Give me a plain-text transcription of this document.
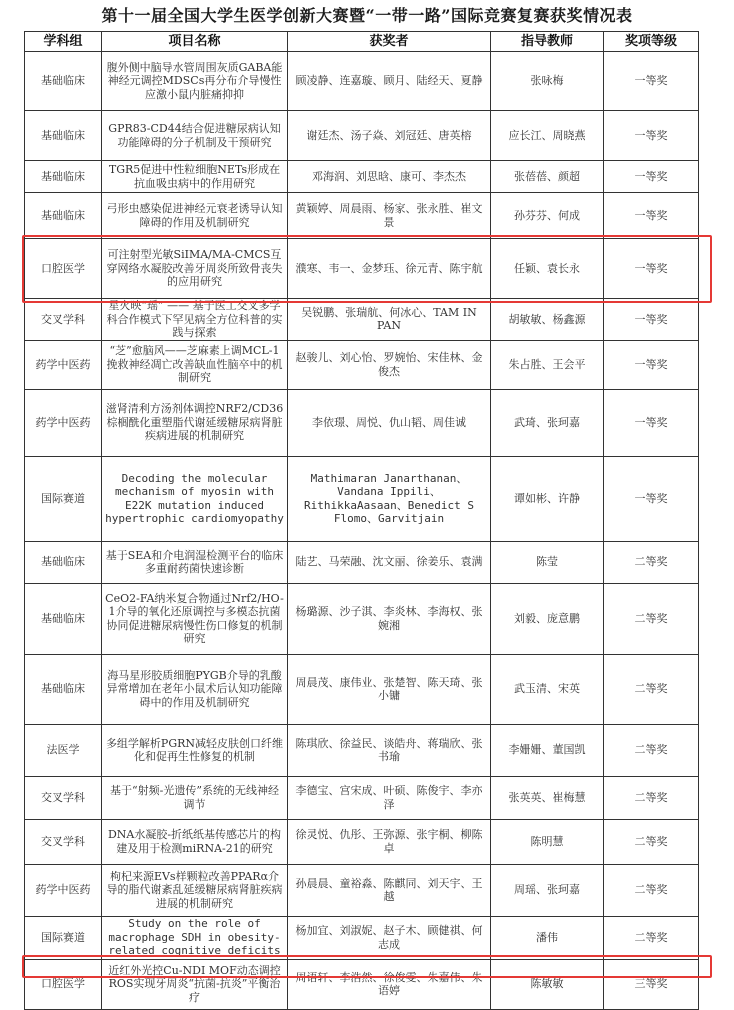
第十一届全国大学生医学创新大赛暨“一带一路”国际竞赛复赛获奖情况表
学科组	项目名称	获奖者	指导教师	奖项等级
基础临床	腹外侧中脑导水管周围灰质GABA能神经元调控MDSCs再分布介导慢性应激小鼠内脏痛抑抑	顾凌静、连嘉璇、顾月、陆经天、夏静	张咏梅	一等奖
基础临床	GPR83-CD44结合促进糖尿病认知功能障碍的分子机制及干预研究	谢廷杰、汤子焱、刘冠廷、唐英榕	应长江、周晓燕	一等奖
基础临床	TGR5促进中性粒细胞NETs形成在抗血吸虫病中的作用研究	邓海润、刘思晗、康可、李杰杰	张蓓蓓、颜超	一等奖
基础临床	弓形虫感染促进神经元衰老诱导认知障碍的作用及机制研究	黄颖婷、周晨雨、杨家、张永胜、崔文景	孙芬芬、何成	一等奖
口腔医学	可注射型光敏SiIMA/MA-CMCS互穿网络水凝胶改善牙周炎所致骨丧失的应用研究	濮寒、韦一、金梦珏、徐元青、陈宇航	任颖、袁长永	一等奖
交叉学科	星火映“瑶” —— 基于医工交叉多学科合作模式下罕见病全方位科普的实践与探索	吴锐鹏、张瑞航、何冰心、TAM IN PAN	胡敏敏、杨鑫源	一等奖
药学中医药	“芝”愈脑风——芝麻素上调MCL-1挽救神经凋亡改善缺血性脑卒中的机制研究	赵骏儿、刘心怡、罗婉怡、宋佳林、金俊杰	朱占胜、王会平	一等奖
药学中医药	滋肾清利方汤剂体调控NRF2/CD36棕榈酰化重塑脂代谢延缓糖尿病肾脏疾病进展的机制研究	李依璟、周悦、仇山韬、周佳诚	武琦、张珂嘉	一等奖
国际赛道	Decoding the molecular mechanism of myosin with E22K mutation induced hypertrophic cardiomyopathy	Mathimaran Janarthanan、Vandana Ippili、RithikkaAasaan、Benedict S Flomo、Garvitjain	谭如彬、许静	一等奖
基础临床	基于SEA和介电润湿检测平台的临床多重耐药菌快速诊断	陆艺、马荣融、沈文丽、徐姜乐、袁满	陈莹	二等奖
基础临床	CeO2-FA纳米复合物通过Nrf2/HO-1介导的氧化还原调控与多模态抗菌协同促进糖尿病慢性伤口修复的机制研究	杨璐源、沙子淇、李炎林、李海权、张婉湘	刘毅、庞意鹏	二等奖
基础临床	海马星形胶质细胞PYGB介导的乳酸异常增加在老年小鼠术后认知功能障碍中的作用及机制研究	周晨茂、康伟业、张楚智、陈天琦、张小镛	武玉清、宋英	二等奖
法医学	多组学解析PGRN减轻皮肤创口纤维化和促再生性修复的机制	陈琪欣、徐益民、谈皓舟、蒋瑞欣、张书瑜	李姗姗、董国凯	二等奖
交叉学科	基于“射频-光遗传”系统的无线神经调节	李德宝、宫宋成、叶硕、陈俊宇、李亦泽	张英英、崔梅慧	二等奖
交叉学科	DNA水凝胶-折纸纸基传感芯片的构建及用于检测miRNA-21的研究	徐灵悦、仇彤、王弥源、张宇桐、柳陈卓	陈明慧	二等奖
药学中医药	枸杞来源EVs样颗粒改善PPARα介导的脂代谢紊乱延缓糖尿病肾脏疾病进展的机制研究	孙晨晨、童裕淼、陈麒同、刘天宇、王越	周瑶、张珂嘉	二等奖
国际赛道	Study on the role of macrophage SDH in obesity-related cognitive deficits	杨加宜、刘淑妮、赵子木、顾健祺、何志成	潘伟	二等奖
口腔医学	近红外光控Cu-NDI MOF动态调控ROS实现牙周炎“抗菌-抗炎”平衡治疗	周语轩、李浩然、徐俊雯、朱嘉伟、朱语婷	陈敏敏	三等奖
